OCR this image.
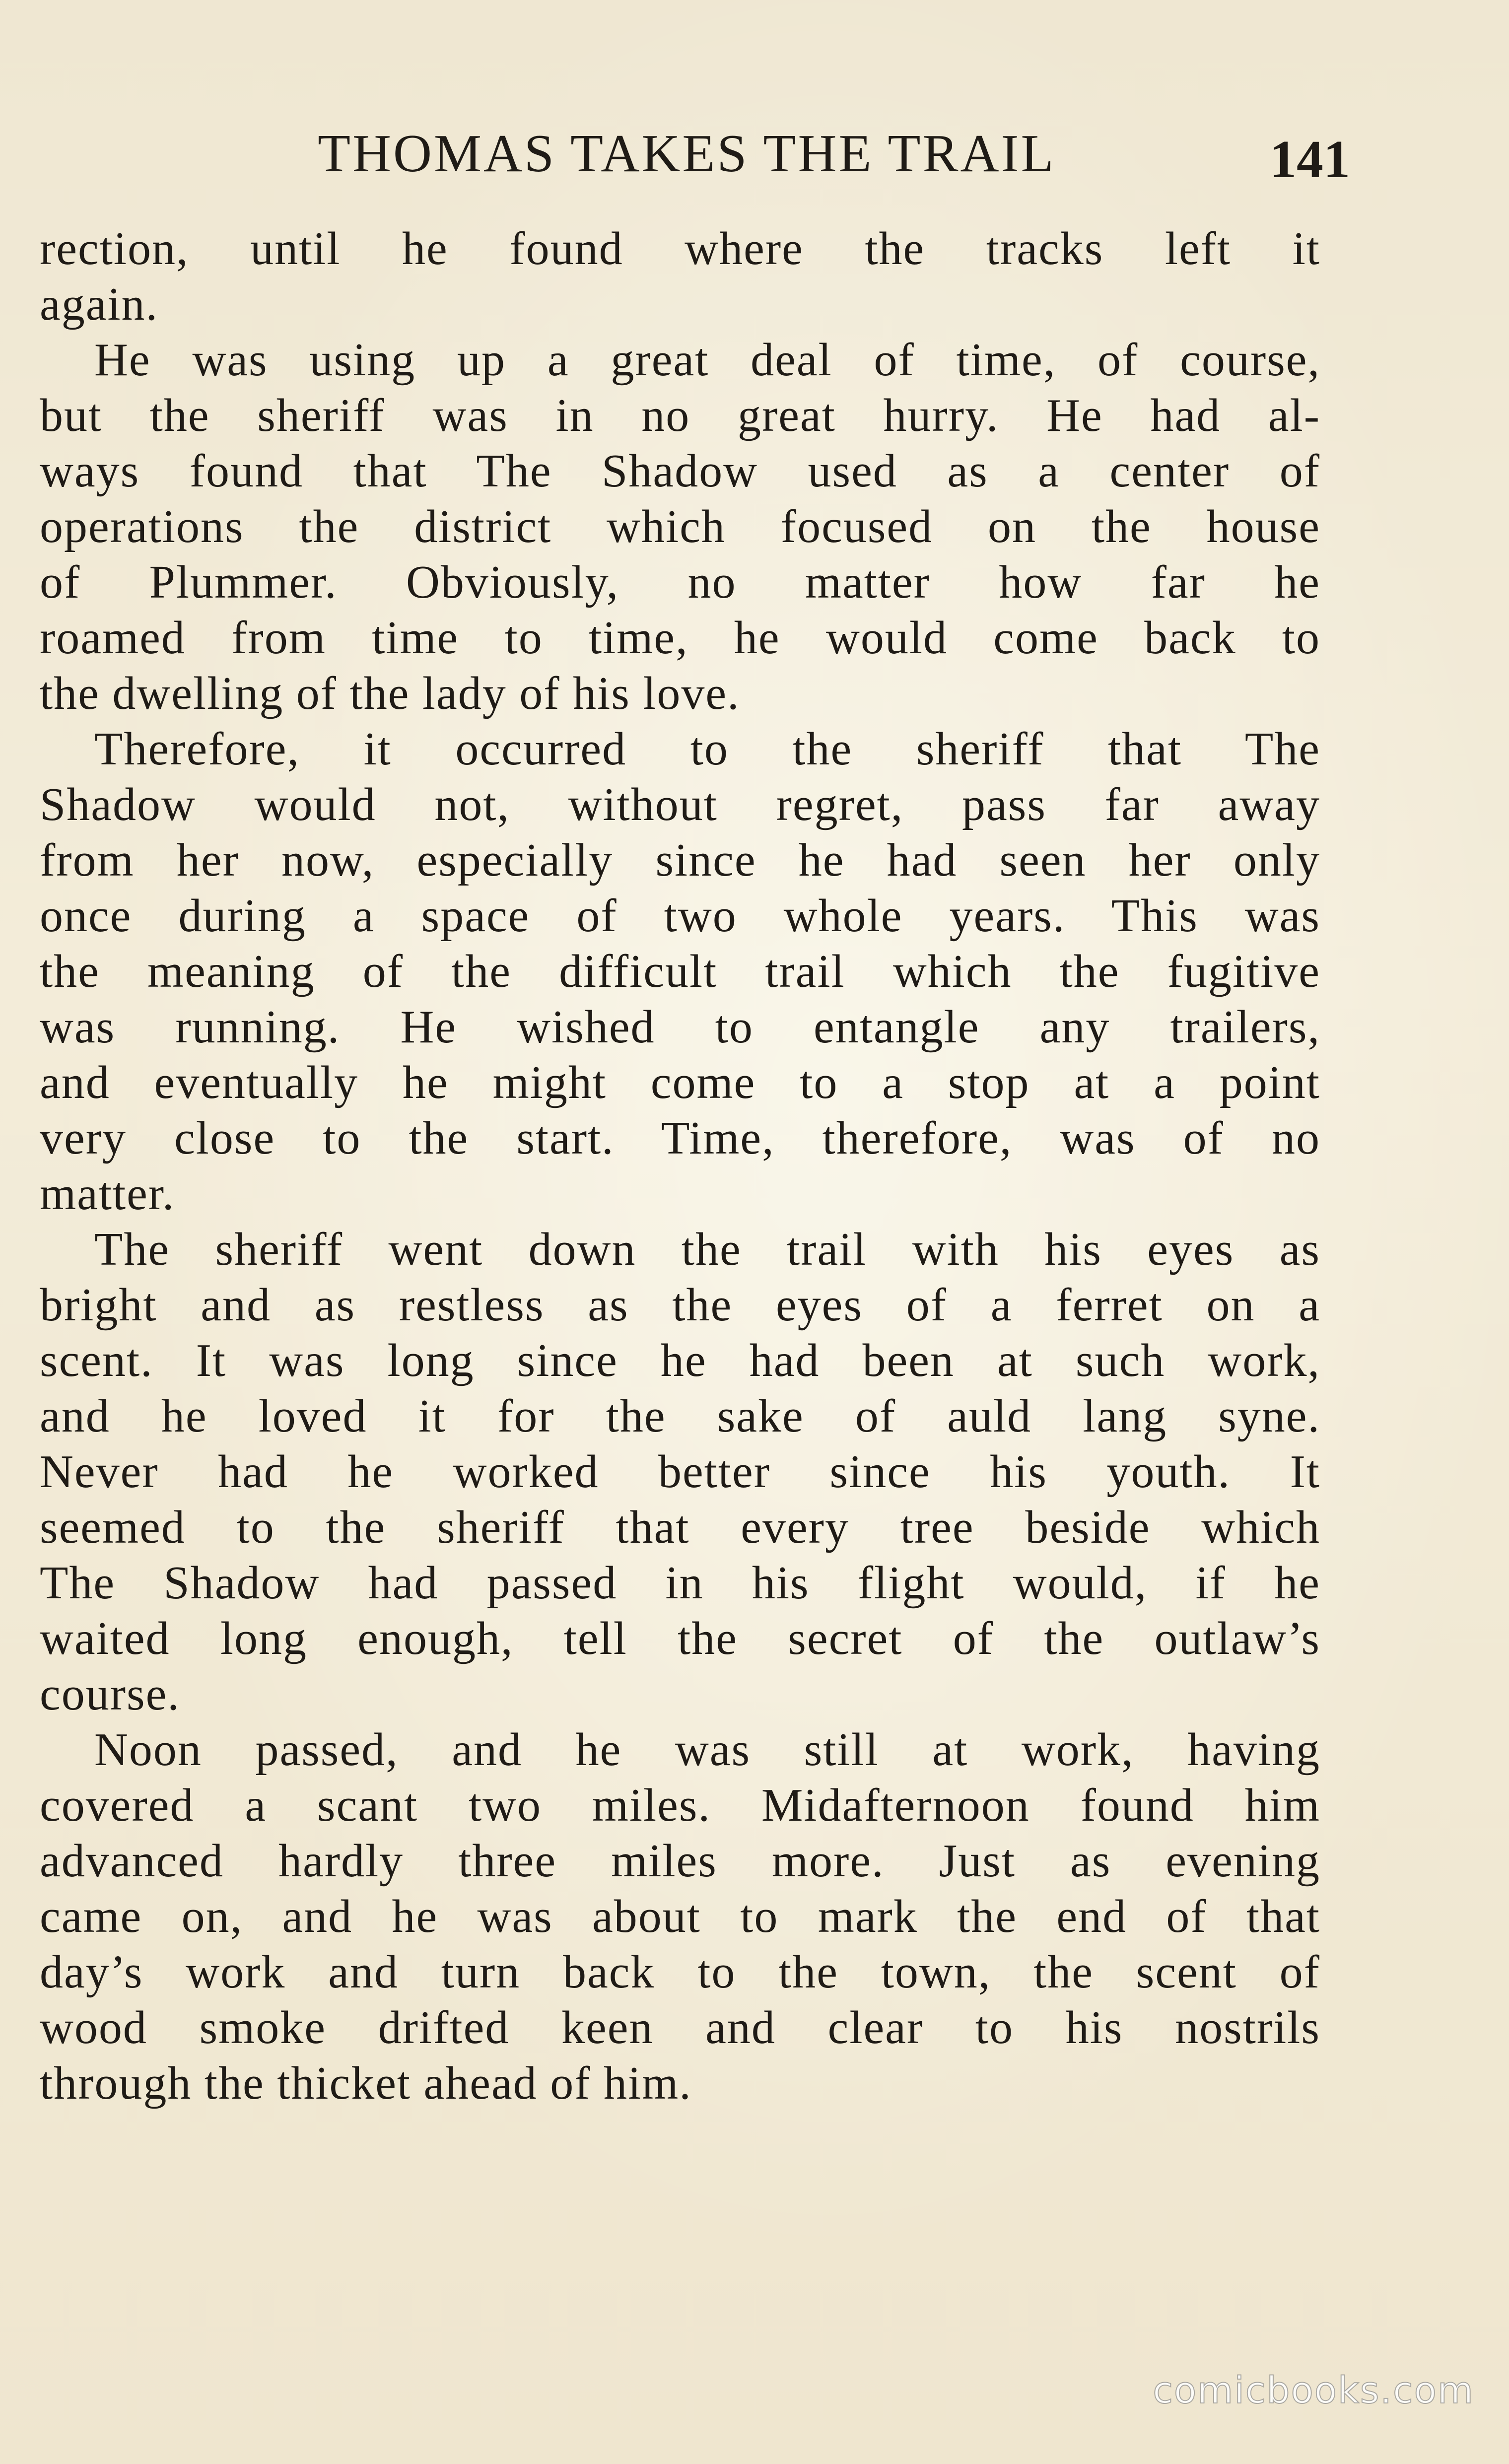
THOMAS TAKES THE TRAIL	141
rection, until he found where the tracks left it
again.
He was using up a great deal of time, of course,
but the sheriff was in no great hurry. He had al-
ways found that The Shadow used as a center of
operations the district which focused on the house
of Plummer. Obviously, no matter how far he
roamed from time to time, he would come back to
the dwelling of the lady of his love.
Therefore, it occurred to the sheriff that The
Shadow would not, without regret, pass far away
from her now, especially since he had seen her only
once during a space of two whole years. This was
the meaning of the difficult trail which the fugitive
was running. He wished to entangle any trailers,
and eventually he might come to a stop at a point
very close to the start. Time, therefore, was of no
matter.
The sheriff went down the trail with his eyes as
bright and as restless as the eyes of a ferret on a
scent. It was long since he had been at such work,
and he loved it for the sake of auld lang syne.
Never had he worked better since his youth. It
seemed to the sheriff that every tree beside which
The Shadow had passed in his flight would, if he
waited long enough, tell the secret of the outlaw’s
course.
Noon passed, and he was still at work, having
covered a scant two miles. Midafternoon found him
advanced hardly three miles more. Just as evening
came on, and he was about to mark the end of that
day’s work and turn back to the town, the scent of
wood smoke drifted keen and clear to his nostrils
through the thicket ahead of him.
comicbooks.com
